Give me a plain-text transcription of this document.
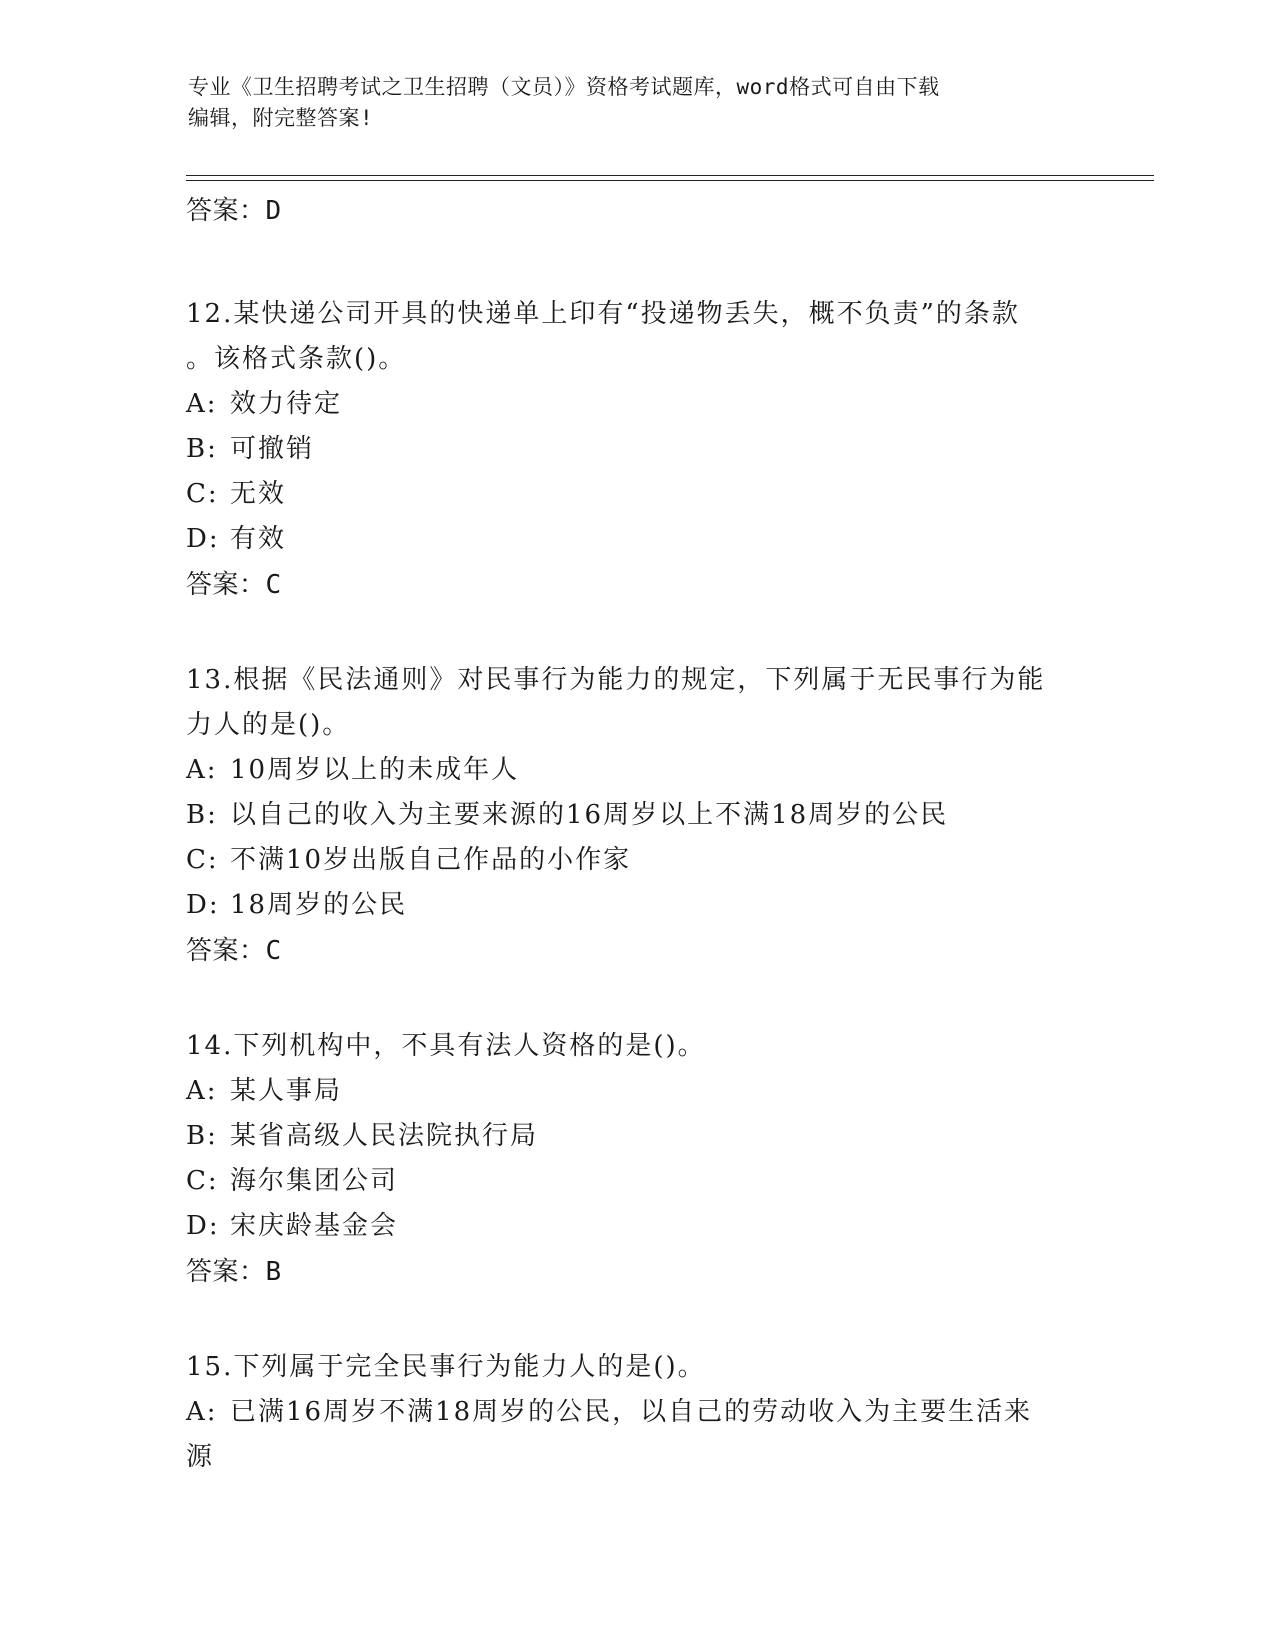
专业《卫生招聘考试之卫生招聘（文员）》资格考试题库，word格式可自由下载
编辑，附完整答案!
答案：D
12.某快递公司开具的快递单上印有“投递物丢失，概不负责”的条款
。该格式条款()。
A: 效力待定
B: 可撤销
C: 无效
D: 有效
答案：C
13.根据《民法通则》对民事行为能力的规定，下列属于无民事行为能
力人的是()。
A: 10周岁以上的未成年人
B: 以自己的收入为主要来源的16周岁以上不满18周岁的公民
C: 不满10岁出版自己作品的小作家
D: 18周岁的公民
答案：C
14.下列机构中，不具有法人资格的是()。
A: 某人事局
B: 某省高级人民法院执行局
C: 海尔集团公司
D: 宋庆龄基金会
答案：B
15.下列属于完全民事行为能力人的是()。
A: 已满16周岁不满18周岁的公民，以自己的劳动收入为主要生活来
源
